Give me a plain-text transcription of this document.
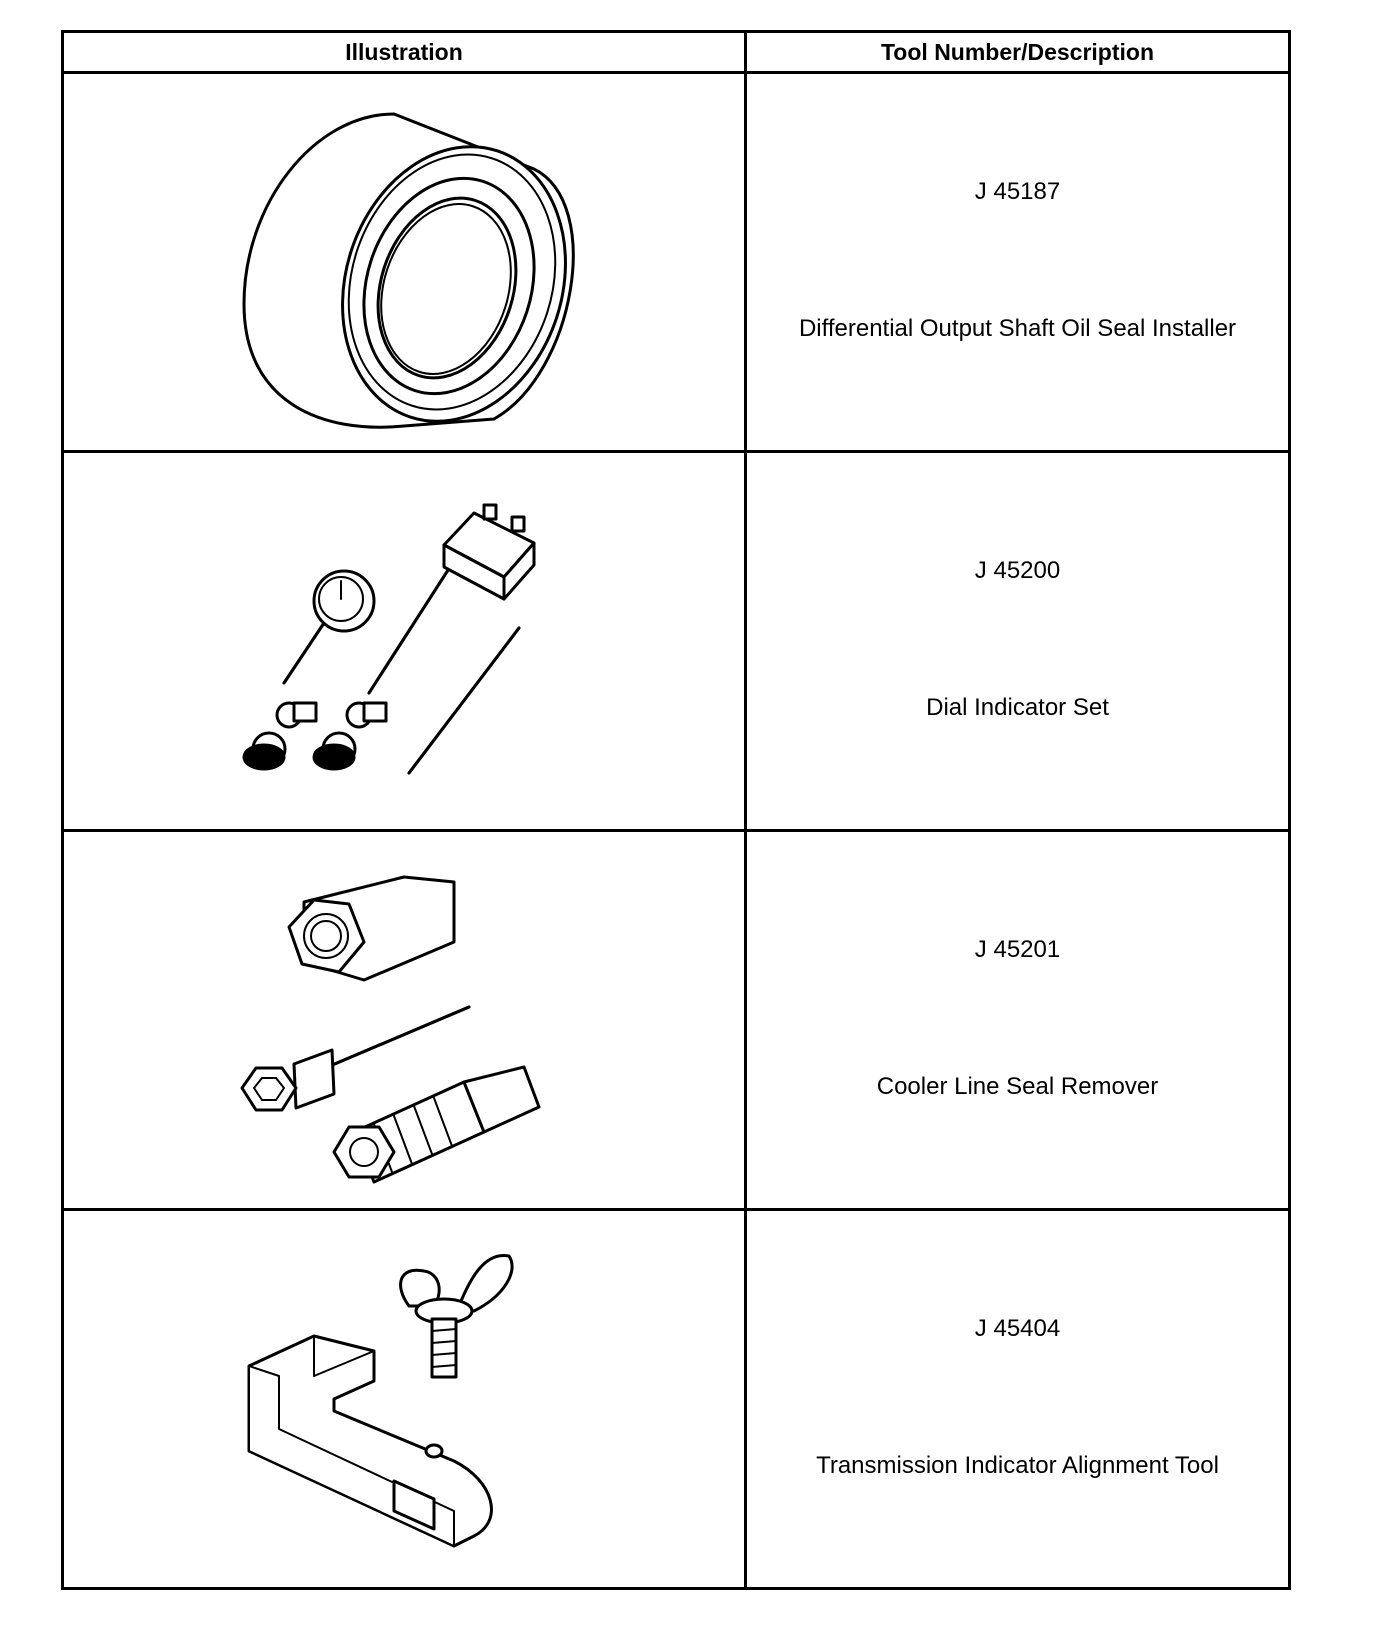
Illustration	Tool Number/Description

J 45187
Differential Output Shaft Oil Seal Installer

J 45200
Dial Indicator Set

J 45201
Cooler Line Seal Remover

J 45404
Transmission Indicator Alignment Tool
